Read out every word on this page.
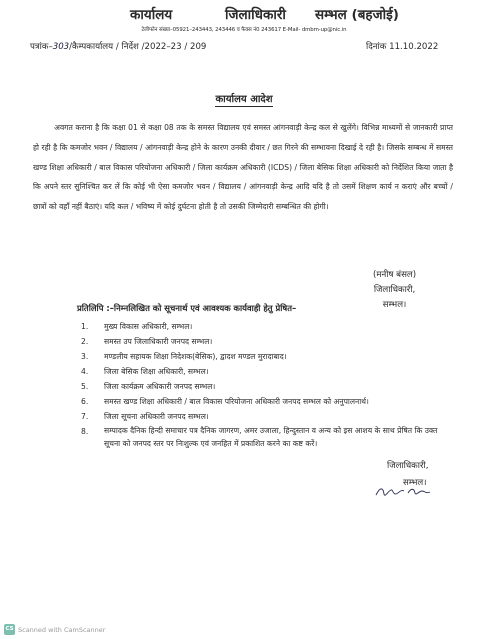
कार्यालय	जिलाधिकारी सम्भल (बहजोई)
टेलीफोन संख्या–05921–243443, 243446 व फैक्स नं0 243617 E-Mail- dmbm-up@nic.in
पत्रांक–303/कैम्पकार्यालय / निर्देश /2022–23 / 209	दिनांक 11.10.2022
कार्यालय आदेश
अवगत कराना है कि कक्षा 01 से कक्षा 08 तक के समस्त विद्यालय एवं समस्त आंगनवाड़ी केन्द्र कल से खुलेंगे। विभिन्न माध्यमों से जानकारी प्राप्त हो रही है कि कमजोर भवन / विद्यालय / आंगनवाड़ी केन्द्र होने के कारण उनकी दीवार / छत गिरने की सम्भावना दिखाई दे रही है। जिसके सम्बन्ध में समस्त खण्ड शिक्षा अधिकारी / बाल विकास परियोजना अधिकारी / जिला कार्यक्रम अधिकारी (ICDS) / जिला बेसिक शिक्षा अधिकारी को निर्देशित किया जाता है कि अपने स्तर सुनिश्चित कर लें कि कोई भी ऐसा कमजोर भवन / विद्यालय / आंगनवाड़ी केन्द्र आदि यदि है तो उसमें शिक्षण कार्य न कराएं और बच्चों / छात्रों को वहाँ नहीं बैठाएं। यदि कल / भविष्य में कोई दुर्घटना होती है तो उसकी जिम्मेदारी सम्बन्धित की होगी।
(मनीष बंसल)
जिलाधिकारी,
सम्भल।
प्रतिलिपि :–निम्नलिखित को सूचनार्थ एवं आवश्यक कार्यवाही हेतु प्रेषित–
1.	मुख्य विकास अधिकारी, सम्भल।
2.	समस्त उप जिलाधिकारी जनपद सम्भल।
3.	मण्डलीय सहायक शिक्षा निदेशक(बेसिक), द्वादश मण्डल मुरादाबाद।
4.	जिला बेसिक शिक्षा अधिकारी, सम्भल।
5.	जिला कार्यक्रम अधिकारी जनपद सम्भल।
6.	समस्त खण्ड शिक्षा अधिकारी / बाल विकास परियोजना अधिकारी जनपद सम्भल को अनुपालनार्थ।
7.	जिला सूचना अधिकारी जनपद सम्भल।
8.	सम्पादक दैनिक हिन्दी समाचार पत्र दैनिक जागरण, अमर उजाला, हिन्दुस्तान व अन्य को इस आशय के साथ प्रेषित कि उक्त सूचना को जनपद स्तर पर निःशुल्क एवं जनहित में प्रकाशित करने का कष्ट करें।
जिलाधिकारी,
सम्भल।
CS Scanned with CamScanner
